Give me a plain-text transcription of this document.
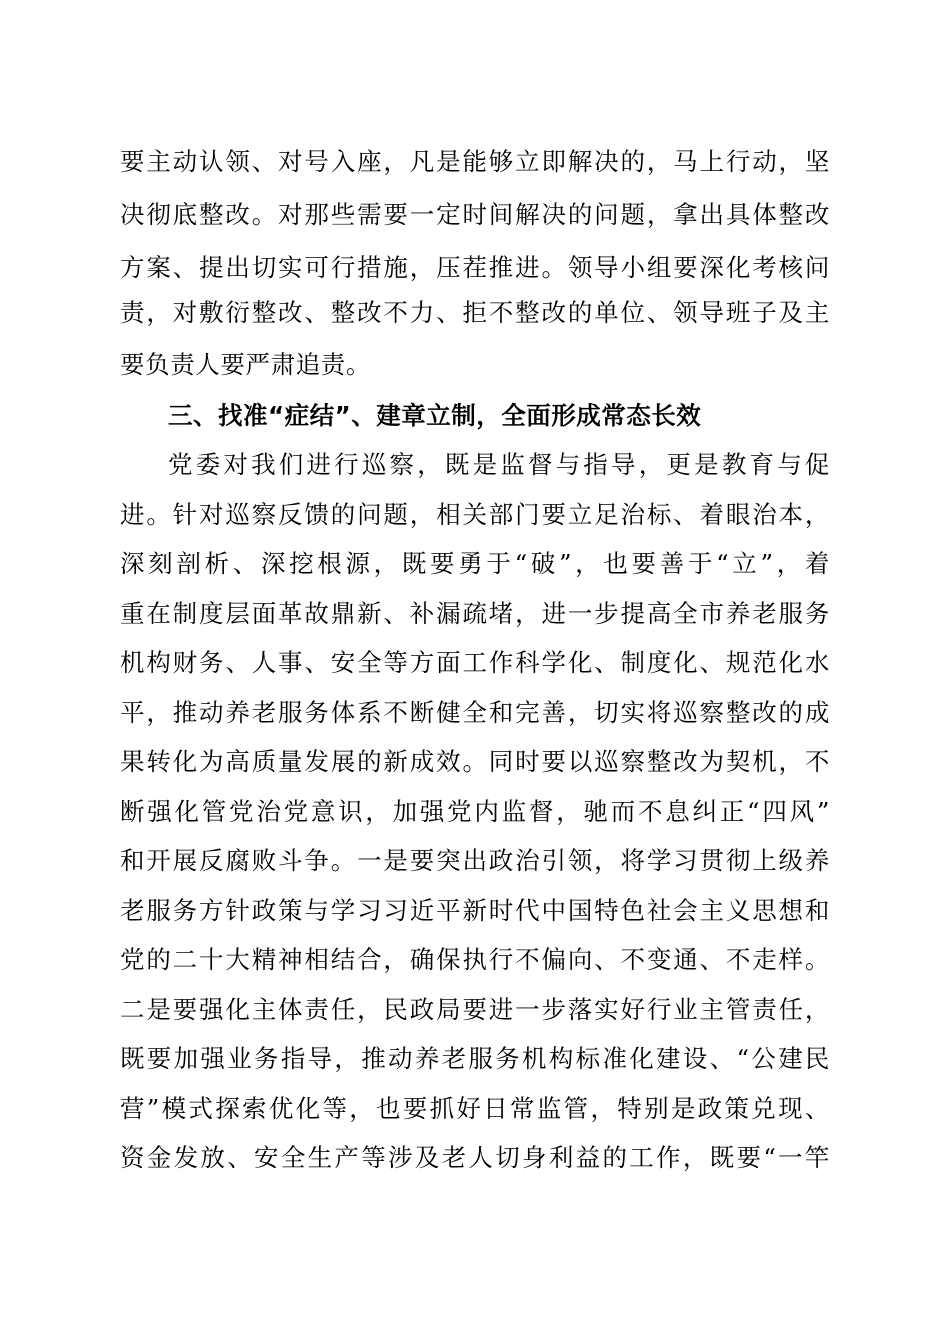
要主动认领、对号入座，凡是能够立即解决的，马上行动，坚
决彻底整改。对那些需要一定时间解决的问题，拿出具体整改
方案、提出切实可行措施，压茬推进。领导小组要深化考核问
责，对敷衍整改、整改不力、拒不整改的单位、领导班子及主
要负责人要严肃追责。
三、找准“症结”、建章立制，全面形成常态长效
党委对我们进行巡察，既是监督与指导，更是教育与促
进。针对巡察反馈的问题，相关部门要立足治标、着眼治本，
深刻剖析、深挖根源，既要勇于“破”，也要善于“立”，着
重在制度层面革故鼎新、补漏疏堵，进一步提高全市养老服务
机构财务、人事、安全等方面工作科学化、制度化、规范化水
平，推动养老服务体系不断健全和完善，切实将巡察整改的成
果转化为高质量发展的新成效。同时要以巡察整改为契机，不
断强化管党治党意识，加强党内监督，驰而不息纠正“四风”
和开展反腐败斗争。一是要突出政治引领，将学习贯彻上级养
老服务方针政策与学习习近平新时代中国特色社会主义思想和
党的二十大精神相结合，确保执行不偏向、不变通、不走样。
二是要强化主体责任，民政局要进一步落实好行业主管责任，
既要加强业务指导，推动养老服务机构标准化建设、“公建民
营”模式探索优化等，也要抓好日常监管，特别是政策兑现、
资金发放、安全生产等涉及老人切身利益的工作，既要“一竿
